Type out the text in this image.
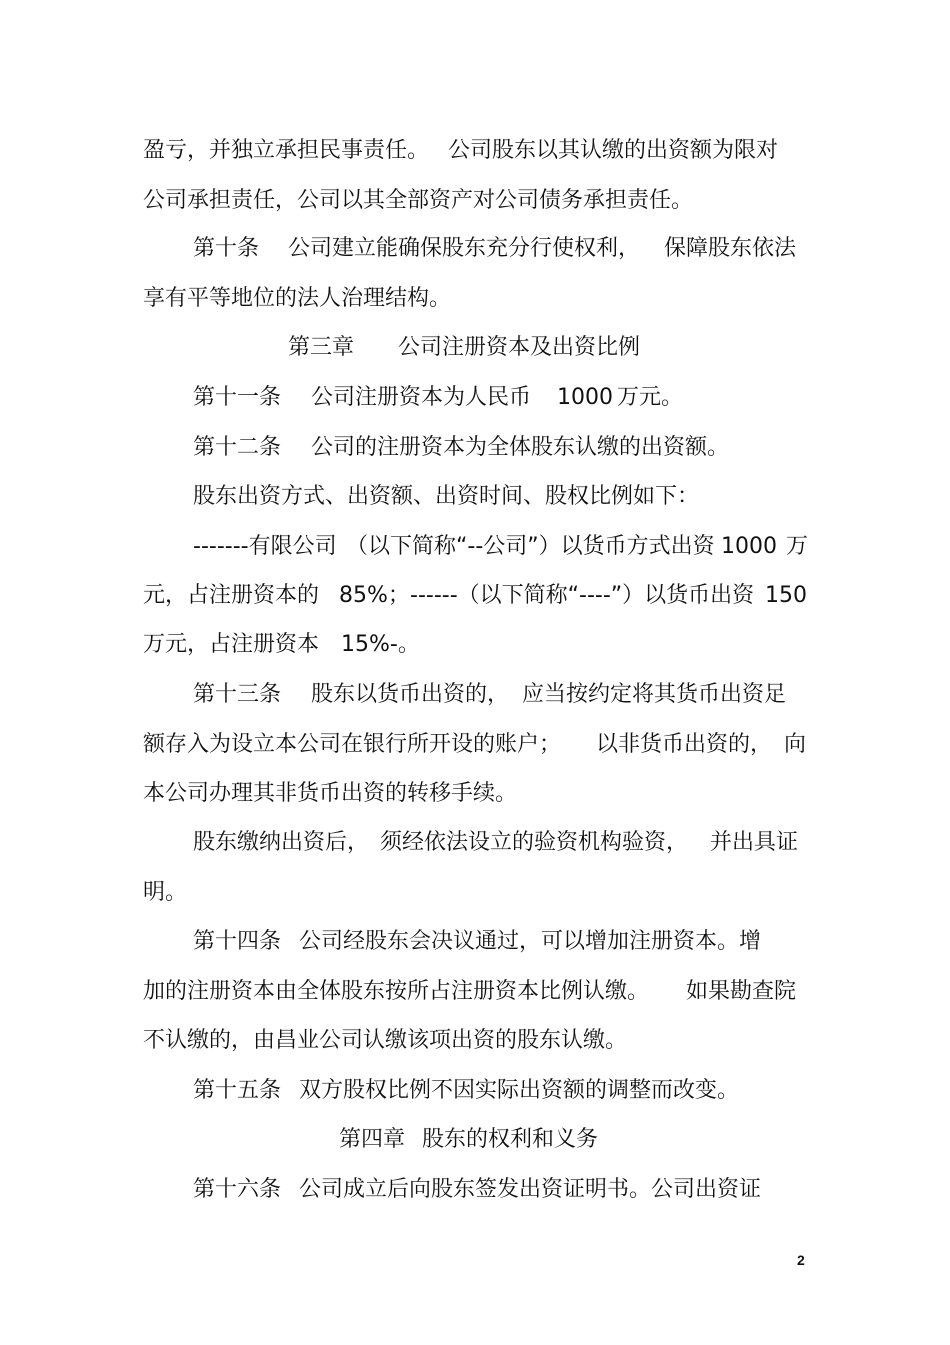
盈亏，并独立承担民事责任。

公司股东以其认缴的出资额为限对

公司承担责任，公司以其全部资产对公司债务承担责任。

第十条

公司建立能确保股东充分行使权利，

保障股东依法

享有平等地位的法人治理结构。

第三章

公司注册资本及出资比例

第十一条

公司注册资本为人民币

1000

万元。

第十二条

公司的注册资本为全体股东认缴的出资额。

股东出资方式、出资额、出资时间、股权比例如下：

-------有限公司

（以下简称“--公司”）以货币方式出资

1000

万

元，占注册资本的

85%；

------（以下简称“----”）以货币出资

150

万元，占注册资本

15%-。

第十三条

股东以货币出资的，

应当按约定将其货币出资足

额存入为设立本公司在银行所开设的账户；

以非货币出资的，

向

本公司办理其非货币出资的转移手续。

股东缴纳出资后，

须经依法设立的验资机构验资，

并出具证

明。

第十四条

公司经股东会决议通过，可以增加注册资本。增

加的注册资本由全体股东按所占注册资本比例认缴。

如果勘查院

不认缴的，由昌业公司认缴该项出资的股东认缴。

第十五条

双方股权比例不因实际出资额的调整而改变。

第四章

股东的权利和义务

第十六条

公司成立后向股东签发出资证明书。公司出资证

2
